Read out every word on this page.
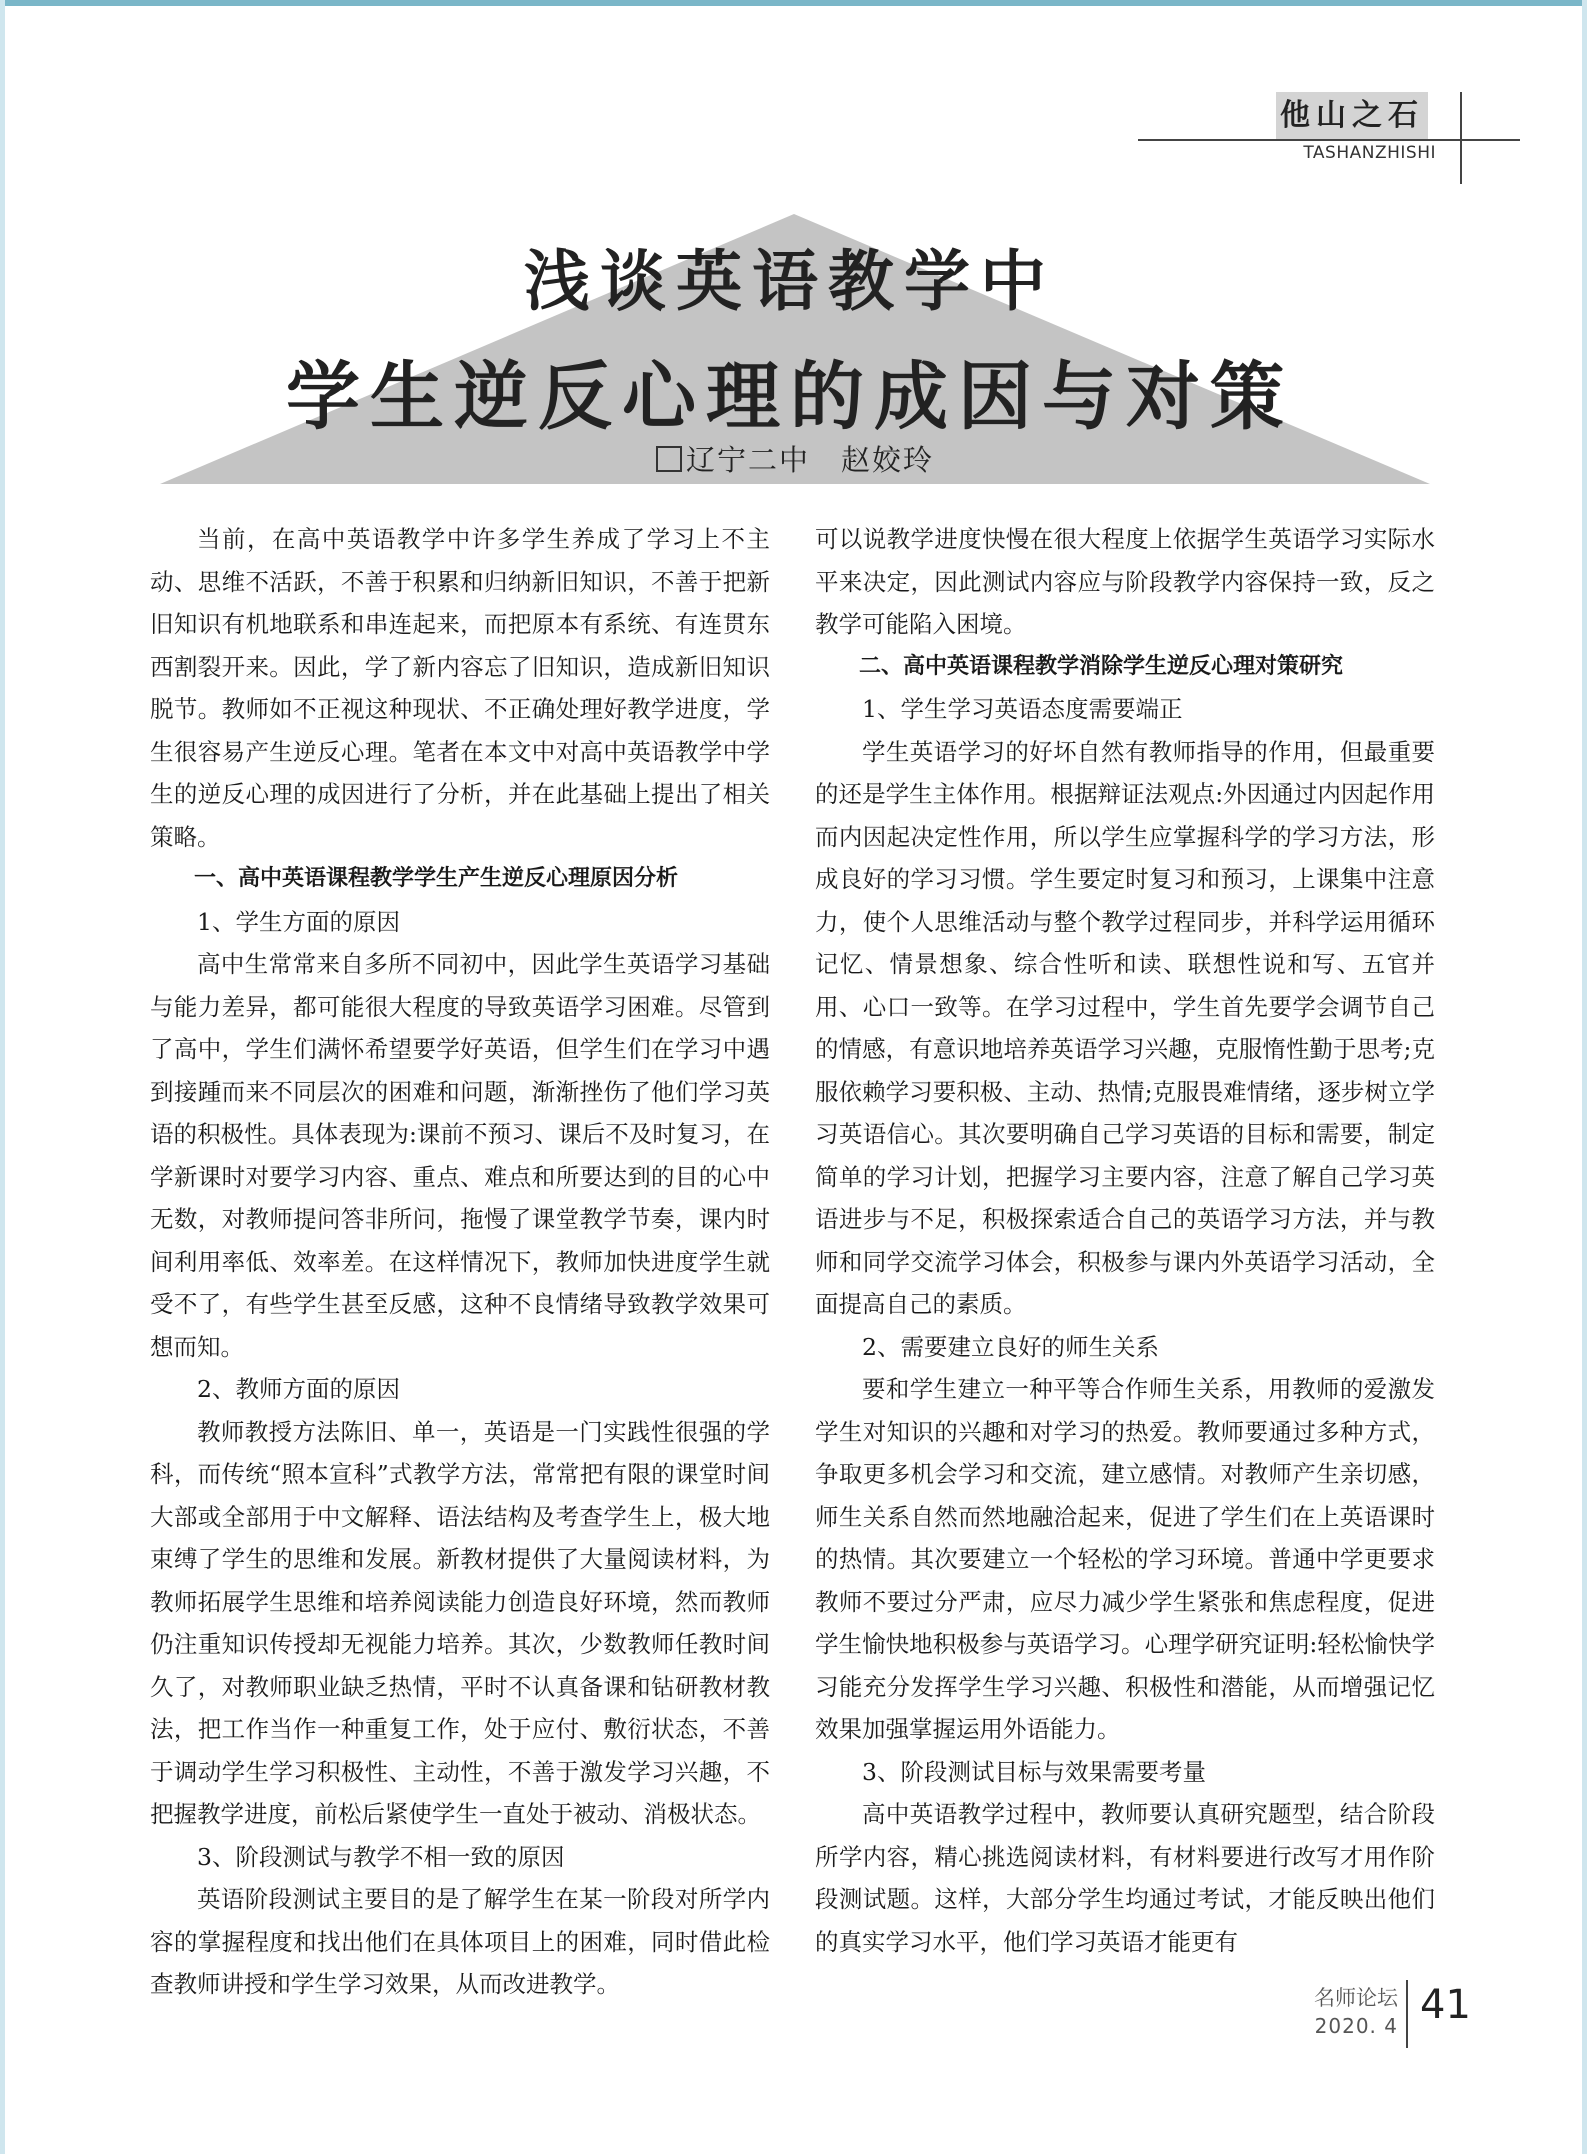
他山之石
TASHANZHISHI
浅谈英语教学中
学生逆反心理的成因与对策
辽宁二中　赵姣玲

当前，在高中英语教学中许多学生养成了学习上不主动、思维不活跃，不善于积累和归纳新旧知识，不善于把新旧知识有机地联系和串连起来，而把原本有系统、有连贯东西割裂开来。因此，学了新内容忘了旧知识，造成新旧知识脱节。教师如不正视这种现状、不正确处理好教学进度，学生很容易产生逆反心理。笔者在本文中对高中英语教学中学生的逆反心理的成因进行了分析，并在此基础上提出了相关策略。

一、高中英语课程教学学生产生逆反心理原因分析

1、学生方面的原因

高中生常常来自多所不同初中，因此学生英语学习基础与能力差异，都可能很大程度的导致英语学习困难。尽管到了高中，学生们满怀希望要学好英语，但学生们在学习中遇到接踵而来不同层次的困难和问题，渐渐挫伤了他们学习英语的积极性。具体表现为:课前不预习、课后不及时复习，在学新课时对要学习内容、重点、难点和所要达到的目的心中无数，对教师提问答非所问，拖慢了课堂教学节奏，课内时间利用率低、效率差。在这样情况下，教师加快进度学生就受不了，有些学生甚至反感，这种不良情绪导致教学效果可想而知。

2、教师方面的原因

教师教授方法陈旧、单一，英语是一门实践性很强的学科，而传统“照本宣科”式教学方法，常常把有限的课堂时间大部或全部用于中文解释、语法结构及考查学生上，极大地束缚了学生的思维和发展。新教材提供了大量阅读材料，为教师拓展学生思维和培养阅读能力创造良好环境，然而教师仍注重知识传授却无视能力培养。其次，少数教师任教时间久了，对教师职业缺乏热情，平时不认真备课和钻研教材教法，把工作当作一种重复工作，处于应付、敷衍状态，不善于调动学生学习积极性、主动性，不善于激发学习兴趣，不把握教学进度，前松后紧使学生一直处于被动、消极状态。

3、阶段测试与教学不相一致的原因

英语阶段测试主要目的是了解学生在某一阶段对所学内容的掌握程度和找出他们在具体项目上的困难，同时借此检查教师讲授和学生学习效果，从而改进教学。

可以说教学进度快慢在很大程度上依据学生英语学习实际水平来决定，因此测试内容应与阶段教学内容保持一致，反之教学可能陷入困境。

二、高中英语课程教学消除学生逆反心理对策研究

1、学生学习英语态度需要端正

学生英语学习的好坏自然有教师指导的作用，但最重要的还是学生主体作用。根据辩证法观点:外因通过内因起作用而内因起决定性作用，所以学生应掌握科学的学习方法，形成良好的学习习惯。学生要定时复习和预习，上课集中注意力，使个人思维活动与整个教学过程同步，并科学运用循环记忆、情景想象、综合性听和读、联想性说和写、五官并用、心口一致等。在学习过程中，学生首先要学会调节自己的情感，有意识地培养英语学习兴趣，克服惰性勤于思考;克服依赖学习要积极、主动、热情;克服畏难情绪，逐步树立学习英语信心。其次要明确自己学习英语的目标和需要，制定简单的学习计划，把握学习主要内容，注意了解自己学习英语进步与不足，积极探索适合自己的英语学习方法，并与教师和同学交流学习体会，积极参与课内外英语学习活动，全面提高自己的素质。

2、需要建立良好的师生关系

要和学生建立一种平等合作师生关系，用教师的爱激发学生对知识的兴趣和对学习的热爱。教师要通过多种方式，争取更多机会学习和交流，建立感情。对教师产生亲切感，师生关系自然而然地融洽起来，促进了学生们在上英语课时的热情。其次要建立一个轻松的学习环境。普通中学更要求教师不要过分严肃，应尽力减少学生紧张和焦虑程度，促进学生愉快地积极参与英语学习。心理学研究证明:轻松愉快学习能充分发挥学生学习兴趣、积极性和潜能，从而增强记忆效果加强掌握运用外语能力。

3、阶段测试目标与效果需要考量

高中英语教学过程中，教师要认真研究题型，结合阶段所学内容，精心挑选阅读材料，有材料要进行改写才用作阶段测试题。这样，大部分学生均通过考试，才能反映出他们的真实学习水平，他们学习英语才能更有

名师论坛
2020. 4 41
